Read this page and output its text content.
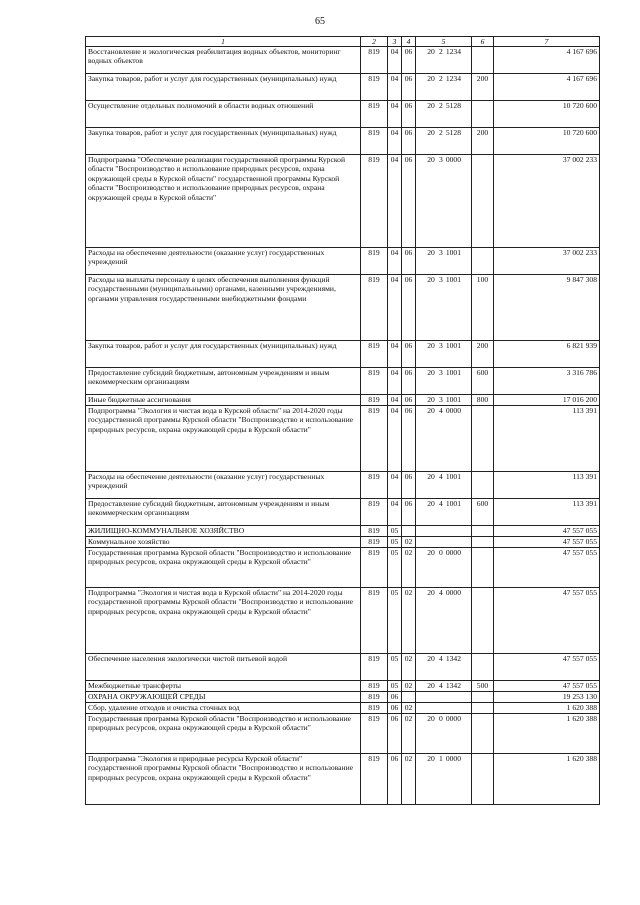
65
1	2	3	4	5	6	7
Восстановление и экологическая реабилитация водных объектов, мониторинг водных объектов	819	04	06	20 2 1234		4 167 696
Закупка товаров, работ и услуг для государственных (муниципальных) нужд	819	04	06	20 2 1234	200	4 167 696
Осуществление отдельных полномочий в области водных отношений	819	04	06	20 2 5128		10 720 600
Закупка товаров, работ и услуг для государственных (муниципальных) нужд	819	04	06	20 2 5128	200	10 720 600
Подпрограмма "Обеспечение реализации государственной программы Курской области "Воспроизводство и использование природных ресурсов, охрана окружающей среды в Курской области" государственной программы Курской области "Воспроизводство и использование природных ресурсов, охрана окружающей среды в Курской области"	819	04	06	20 3 0000		37 002 233
Расходы на обеспечение деятельности (оказание услуг) государственных учреждений	819	04	06	20 3 1001		37 002 233
Расходы на выплаты персоналу в целях обеспечения выполнения функций государственными (муниципальными) органами, казенными учреждениями, органами управления государственными внебюджетными фондами	819	04	06	20 3 1001	100	9 847 308
Закупка товаров, работ и услуг для государственных (муниципальных) нужд	819	04	06	20 3 1001	200	6 821 939
Предоставление субсидий бюджетным, автономным учреждениям и иным некоммерческим организациям	819	04	06	20 3 1001	600	3 316 786
Иные бюджетные ассигнования	819	04	06	20 3 1001	800	17 016 200
Подпрограмма "Экология и чистая вода в Курской области" на 2014-2020 годы государственной программы Курской области "Воспроизводство и использование природных ресурсов, охрана окружающей среды в Курской области"	819	04	06	20 4 0000		113 391
Расходы на обеспечение деятельности (оказание услуг) государственных учреждений	819	04	06	20 4 1001		113 391
Предоставление субсидий бюджетным, автономным учреждениям и иным некоммерческим организациям	819	04	06	20 4 1001	600	113 391
ЖИЛИЩНО-КОММУНАЛЬНОЕ ХОЗЯЙСТВО	819	05				47 557 055
Коммунальное хозяйство	819	05	02			47 557 055
Государственная программа Курской области "Воспроизводство и использование природных ресурсов, охрана окружающей среды в Курской области"	819	05	02	20 0 0000		47 557 055
Подпрограмма "Экология и чистая вода в Курской области" на 2014-2020 годы государственной программы Курской области "Воспроизводство и использование природных ресурсов, охрана окружающей среды в Курской области"	819	05	02	20 4 0000		47 557 055
Обеспечение населения экологически чистой питьевой водой	819	05	02	20 4 1342		47 557 055
Межбюджетные трансферты	819	05	02	20 4 1342	500	47 557 055
ОХРАНА ОКРУЖАЮЩЕЙ СРЕДЫ	819	06				19 253 130
Сбор, удаление отходов и очистка сточных вод	819	06	02			1 620 388
Государственная программа Курской области "Воспроизводство и использование природных ресурсов, охрана окружающей среды в Курской области"	819	06	02	20 0 0000		1 620 388
Подпрограмма "Экология и природные ресурсы Курской области" государственной программы Курской области "Воспроизводство и использование природных ресурсов, охрана окружающей среды в Курской области"	819	06	02	20 1 0000		1 620 388
